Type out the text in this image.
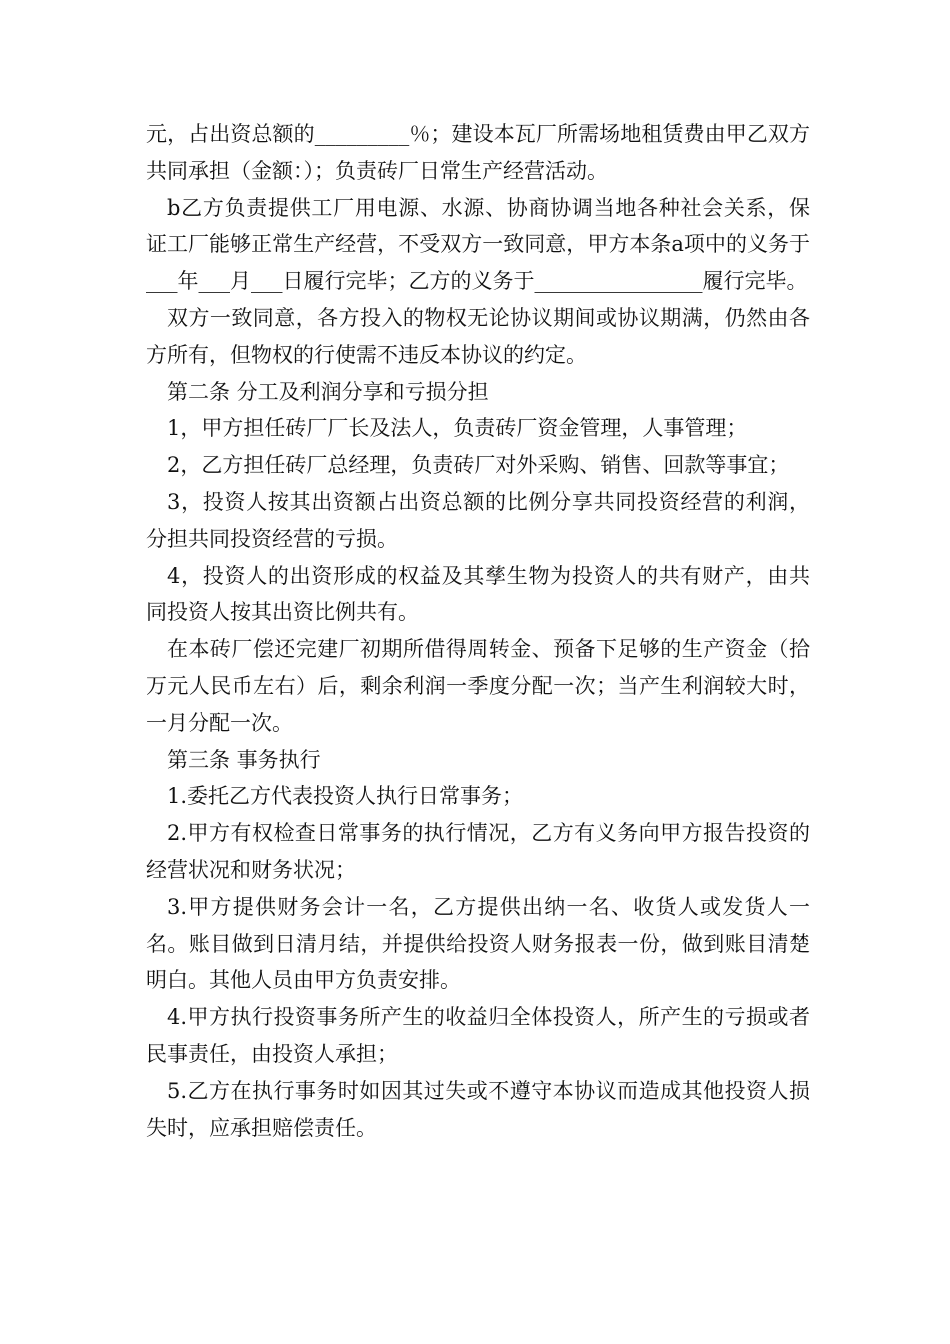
元，占出资总额的_________％；建设本瓦厂所需场地租赁费由甲乙双方共同承担（金额：）；负责砖厂日常生产经营活动。

b乙方负责提供工厂用电源、水源、协商协调当地各种社会关系，保证工厂能够正常生产经营，不受双方一致同意，甲方本条a项中的义务于___年___月___日履行完毕；乙方的义务于________________履行完毕。

双方一致同意，各方投入的物权无论协议期间或协议期满，仍然由各方所有，但物权的行使需不违反本协议的约定。

第二条 分工及利润分享和亏损分担

1，甲方担任砖厂厂长及法人，负责砖厂资金管理，人事管理；

2，乙方担任砖厂总经理，负责砖厂对外采购、销售、回款等事宜；

3，投资人按其出资额占出资总额的比例分享共同投资经营的利润，分担共同投资经营的亏损。

4，投资人的出资形成的权益及其孳生物为投资人的共有财产，由共同投资人按其出资比例共有。

在本砖厂偿还完建厂初期所借得周转金、预备下足够的生产资金（拾万元人民币左右）后，剩余利润一季度分配一次；当产生利润较大时，一月分配一次。

第三条 事务执行

1.委托乙方代表投资人执行日常事务；

2.甲方有权检查日常事务的执行情况，乙方有义务向甲方报告投资的经营状况和财务状况；

3.甲方提供财务会计一名，乙方提供出纳一名、收货人或发货人一名。账目做到日清月结，并提供给投资人财务报表一份，做到账目清楚明白。其他人员由甲方负责安排。

4.甲方执行投资事务所产生的收益归全体投资人，所产生的亏损或者民事责任，由投资人承担；

5.乙方在执行事务时如因其过失或不遵守本协议而造成其他投资人损失时，应承担赔偿责任。
